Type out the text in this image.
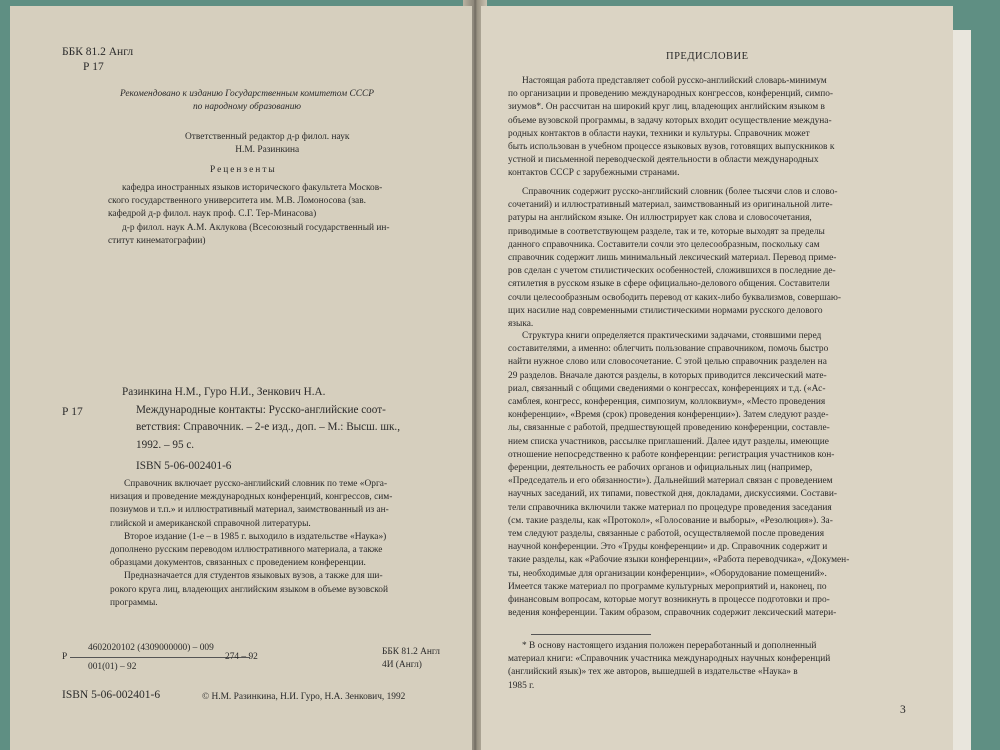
ББК 81.2 Англ
Р 17
Рекомендовано к изданию Государственным комитетом СССР
по народному образованию
Ответственный редактор д-р филол. наук
Н.М. Разинкина
Рецензенты
кафедра иностранных языков исторического факультета Москов-
ского государственного университета им. М.В. Ломоносова (зав.
кафедрой д-р филол. наук проф. С.Г. Тер-Минасова)
д-р филол. наук А.М. Аклукова (Всесоюзный государственный ин-
ститут кинематографии)
Р 17
Разинкина Н.М., Гуро Н.И., Зенкович Н.А.
Международные контакты: Русско-английские соот-
ветствия: Справочник. – 2-е изд., доп. – М.: Высш. шк.,
1992. – 95 с.
ISBN 5-06-002401-6
Справочник включает русско-английский словник по теме «Орга-
низация и проведение международных конференций, конгрессов, сим-
позиумов и т.п.» и иллюстративный материал, заимствованный из ан-
глийской и американской справочной литературы.
Второе издание (1-е – в 1985 г. выходило в издательстве «Наука»)
дополнено русским переводом иллюстративного материала, а также
образцами документов, связанных с проведением конференции.
Предназначается для студентов языковых вузов, а также для ши-
рокого круга лиц, владеющих английским языком в объеме вузовской
программы.
4602020102 (4309000000) – 009
Р
001(01) – 92
274 – 92	ББК 81.2 Англ
4И (Англ)
ISBN 5-06-002401-6	© Н.М. Разинкина, Н.И. Гуро, Н.А. Зенкович, 1992
ПРЕДИСЛОВИЕ
Настоящая работа представляет собой русско-английский словарь-минимум
по организации и проведению международных конгрессов, конференций, симпо-
зиумов*. Он рассчитан на широкий круг лиц, владеющих английским языком в
объеме вузовской программы, в задачу которых входит осуществление междуна-
родных контактов в области науки, техники и культуры. Справочник может
быть использован в учебном процессе языковых вузов, готовящих выпускников к
устной и письменной переводческой деятельности в области международных
контактов СССР с зарубежными странами.
Справочник содержит русско-английский словник (более тысячи слов и слово-
сочетаний) и иллюстративный материал, заимствованный из оригинальной лите-
ратуры на английском языке. Он иллюстрирует как слова и словосочетания,
приводимые в соответствующем разделе, так и те, которые выходят за пределы
данного справочника. Составители сочли это целесообразным, поскольку сам
справочник содержит лишь минимальный лексический материал. Перевод приме-
ров сделан с учетом стилистических особенностей, сложившихся в последние де-
сятилетия в русском языке в сфере официально-делового общения. Составители
сочли целесообразным освободить перевод от каких-либо буквализмов, совершаю-
щих насилие над современными стилистическими нормами русского делового
языка.
Структура книги определяется практическими задачами, стоявшими перед
составителями, а именно: облегчить пользование справочником, помочь быстро
найти нужное слово или словосочетание. С этой целью справочник разделен на
29 разделов. Вначале даются разделы, в которых приводится лексический мате-
риал, связанный с общими сведениями о конгрессах, конференциях и т.д. («Ас-
самблея, конгресс, конференция, симпозиум, коллоквиум», «Место проведения
конференции», «Время (срок) проведения конференции»). Затем следуют разде-
лы, связанные с работой, предшествующей проведению конференции, составле-
нием списка участников, рассылке приглашений. Далее идут разделы, имеющие
отношение непосредственно к работе конференции: регистрация участников кон-
ференции, деятельность ее рабочих органов и официальных лиц (например,
«Председатель и его обязанности»). Дальнейший материал связан с проведением
научных заседаний, их типами, повесткой дня, докладами, дискуссиями. Состави-
тели справочника включили также материал по процедуре проведения заседания
(см. такие разделы, как «Протокол», «Голосование и выборы», «Резолюция»). За-
тем следуют разделы, связанные с работой, осуществляемой после проведения
научной конференции. Это «Труды конференции» и др. Справочник содержит и
такие разделы, как «Рабочие языки конференции», «Работа переводчика», «Докумен-
ты, необходимые для организации конференции», «Оборудование помещений».
Имеется также материал по программе культурных мероприятий и, наконец, по
финансовым вопросам, которые могут возникнуть в процессе подготовки и про-
ведения конференции. Таким образом, справочник содержит лексический матери-
* В основу настоящего издания положен переработанный и дополненный
материал книги: «Справочник участника международных научных конференций
(английский язык)» тех же авторов, вышедшей в издательстве «Наука» в
1985 г.
3
